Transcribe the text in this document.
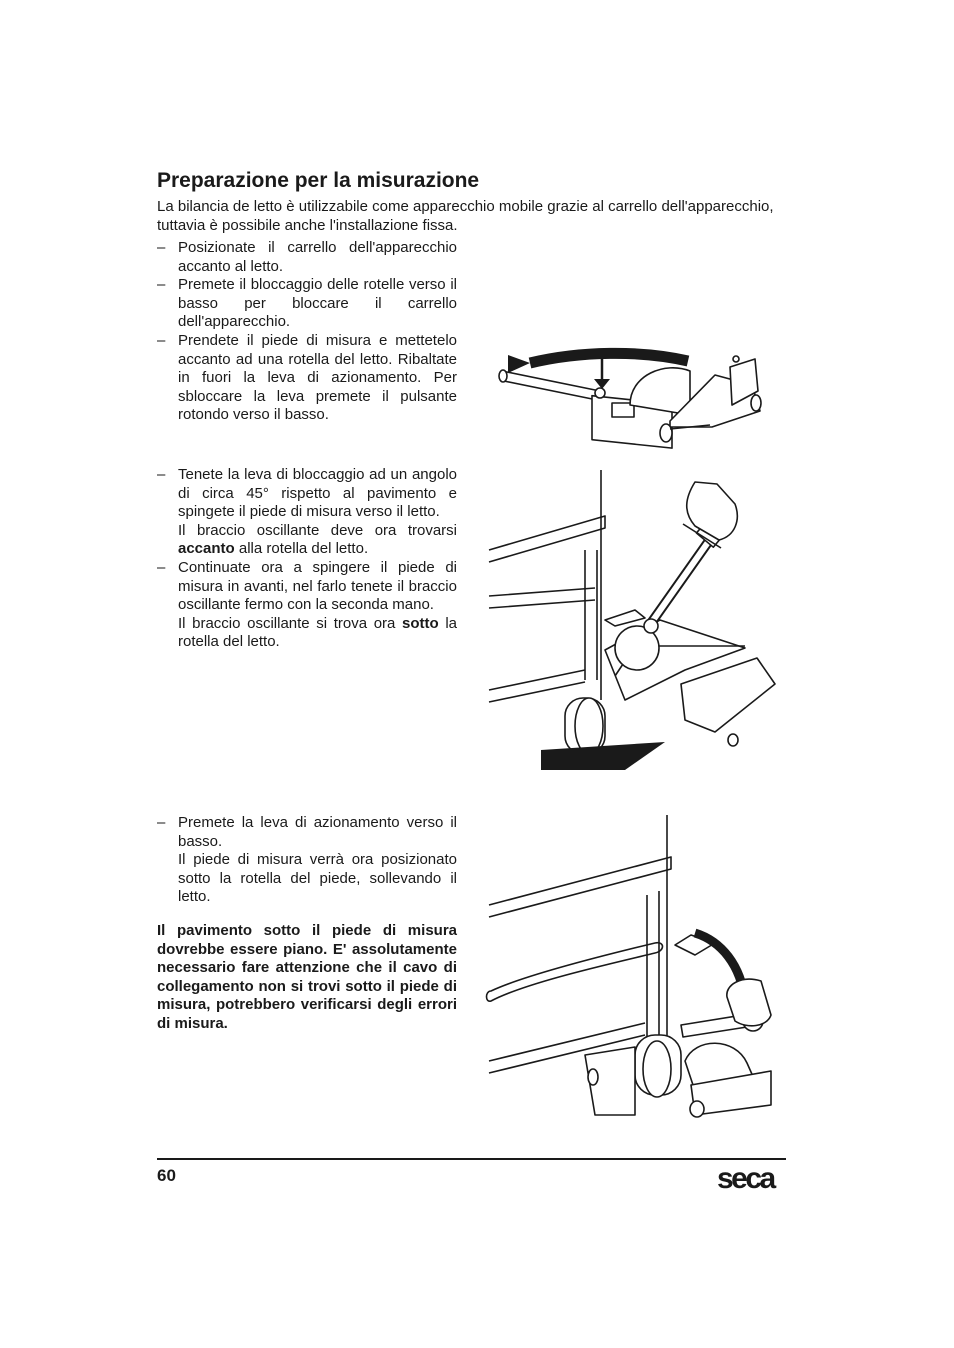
Preparazione per la misurazione

La bilancia de letto è utilizzabile come apparecchio mobile grazie al carrello dell'apparecchio, tuttavia è possibile anche l'installazione fissa.

– Posizionate il carrello dell'apparecchio accanto al letto.
– Premete il bloccaggio delle rotelle verso il basso per bloccare il carrello dell'apparecchio.
– Prendete il piede di misura e mettetelo accanto ad una rotella del letto. Ribaltate in fuori la leva di azionamento. Per sbloccare la leva premete il pulsante rotondo verso il basso.
– Tenete la leva di bloccaggio ad un angolo di circa 45° rispetto al pavimento e spingete il piede di misura verso il letto.
Il braccio oscillante deve ora trovarsi accanto alla rotella del letto.
– Continuate ora a spingere il piede di misura in avanti, nel farlo tenete il braccio oscillante fermo con la seconda mano.
Il braccio oscillante si trova ora sotto la rotella del letto.
– Premete la leva di azionamento verso il basso.
Il piede di misura verrà ora posizionato sotto la rotella del piede, sollevando il letto.

Il pavimento sotto il piede di misura dovrebbe essere piano. E' assolutamente necessario fare attenzione che il cavo di collegamento non si trovi sotto il piede di misura, potrebbero verificarsi degli errori di misura.

60	seca
